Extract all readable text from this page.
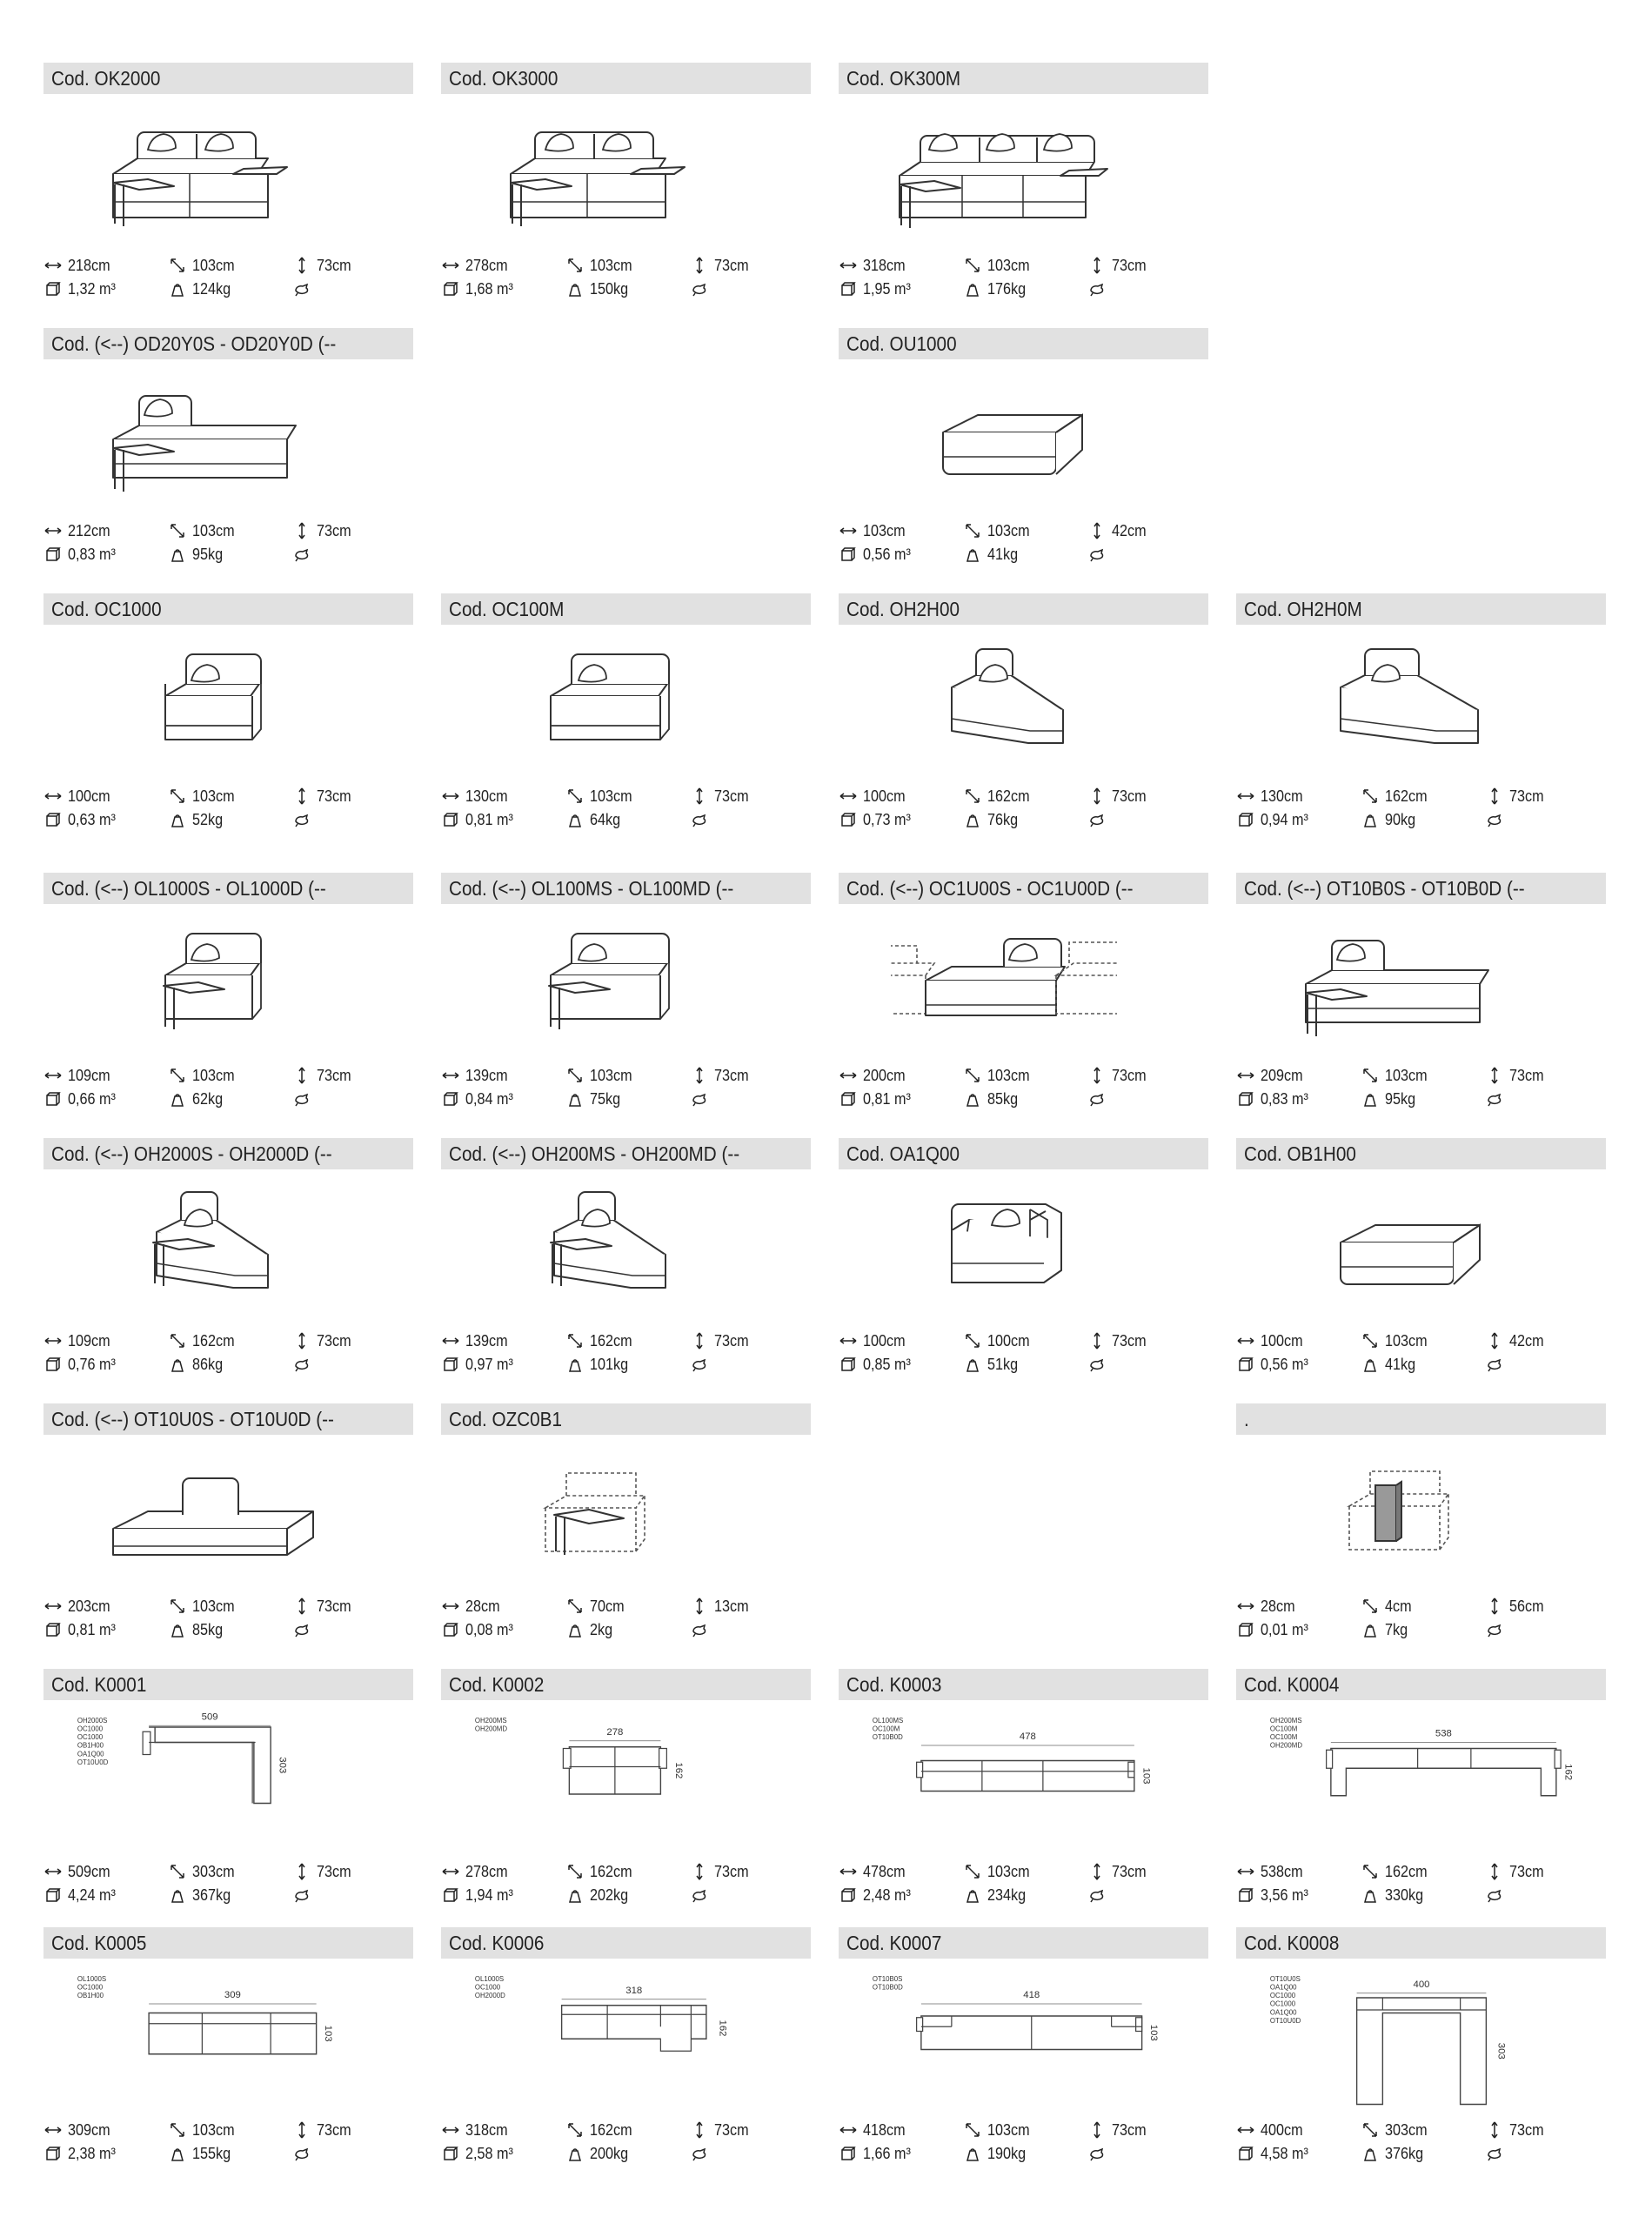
Cod. OK2000
218cm	103cm	73cm
1,32 m³	124kg
Cod. OK3000
278cm	103cm	73cm
1,68 m³	150kg
Cod. OK300M
318cm	103cm	73cm
1,95 m³	176kg
Cod. (<--) OD20Y0S - OD20Y0D (--
212cm	103cm	73cm
0,83 m³	95kg
Cod. OU1000
103cm	103cm	42cm
0,56 m³	41kg
Cod. OC1000
100cm	103cm	73cm
0,63 m³	52kg
Cod. OC100M
130cm	103cm	73cm
0,81 m³	64kg
Cod. OH2H00
100cm	162cm	73cm
0,73 m³	76kg
Cod. OH2H0M
130cm	162cm	73cm
0,94 m³	90kg
Cod. (<--) OL1000S - OL1000D (--
109cm	103cm	73cm
0,66 m³	62kg
Cod. (<--) OL100MS - OL100MD (--
139cm	103cm	73cm
0,84 m³	75kg
Cod. (<--) OC1U00S - OC1U00D (--
200cm	103cm	73cm
0,81 m³	85kg
Cod. (<--) OT10B0S - OT10B0D (--
209cm	103cm	73cm
0,83 m³	95kg
Cod. (<--) OH2000S - OH2000D (--
109cm	162cm	73cm
0,76 m³	86kg
Cod. (<--) OH200MS - OH200MD (--
139cm	162cm	73cm
0,97 m³	101kg
Cod. OA1Q00
100cm	100cm	73cm
0,85 m³	51kg
Cod. OB1H00
100cm	103cm	42cm
0,56 m³	41kg
Cod. (<--) OT10U0S - OT10U0D (--
203cm	103cm	73cm
0,81 m³	85kg
Cod. OZC0B1
28cm	70cm	13cm
0,08 m³	2kg
.
28cm	4cm	56cm
0,01 m³	7kg
Cod. K0001
OH2000S
OC1000
OC1000
OB1H00
OA1Q00
OT10U0D
509
303
509cm	303cm	73cm
4,24 m³	367kg
Cod. K0002
OH200MS
OH200MD	278
162
278cm	162cm	73cm
1,94 m³	202kg
Cod. K0003
OL100MS
OC100M
OT10B0D	478
103
478cm	103cm	73cm
2,48 m³	234kg
Cod. K0004
OH200MS
OC100M
OC100M
OH200MD
538
162
538cm	162cm	73cm
3,56 m³	330kg
Cod. K0005
OL1000S
OC1000
OB1H00	309
103
309cm	103cm	73cm
2,38 m³	155kg
Cod. K0006
OL1000S
OC1000
OH2000D	318
162
318cm	162cm	73cm
2,58 m³	200kg
Cod. K0007
OT10B0S
OT10B0D
418
103
418cm	103cm	73cm
1,66 m³	190kg
Cod. K0008
OT10U0S
OA1Q00
OC1000
OC1000
OA1Q00
OT10U0D
400
303
400cm	303cm	73cm
4,58 m³	376kg
